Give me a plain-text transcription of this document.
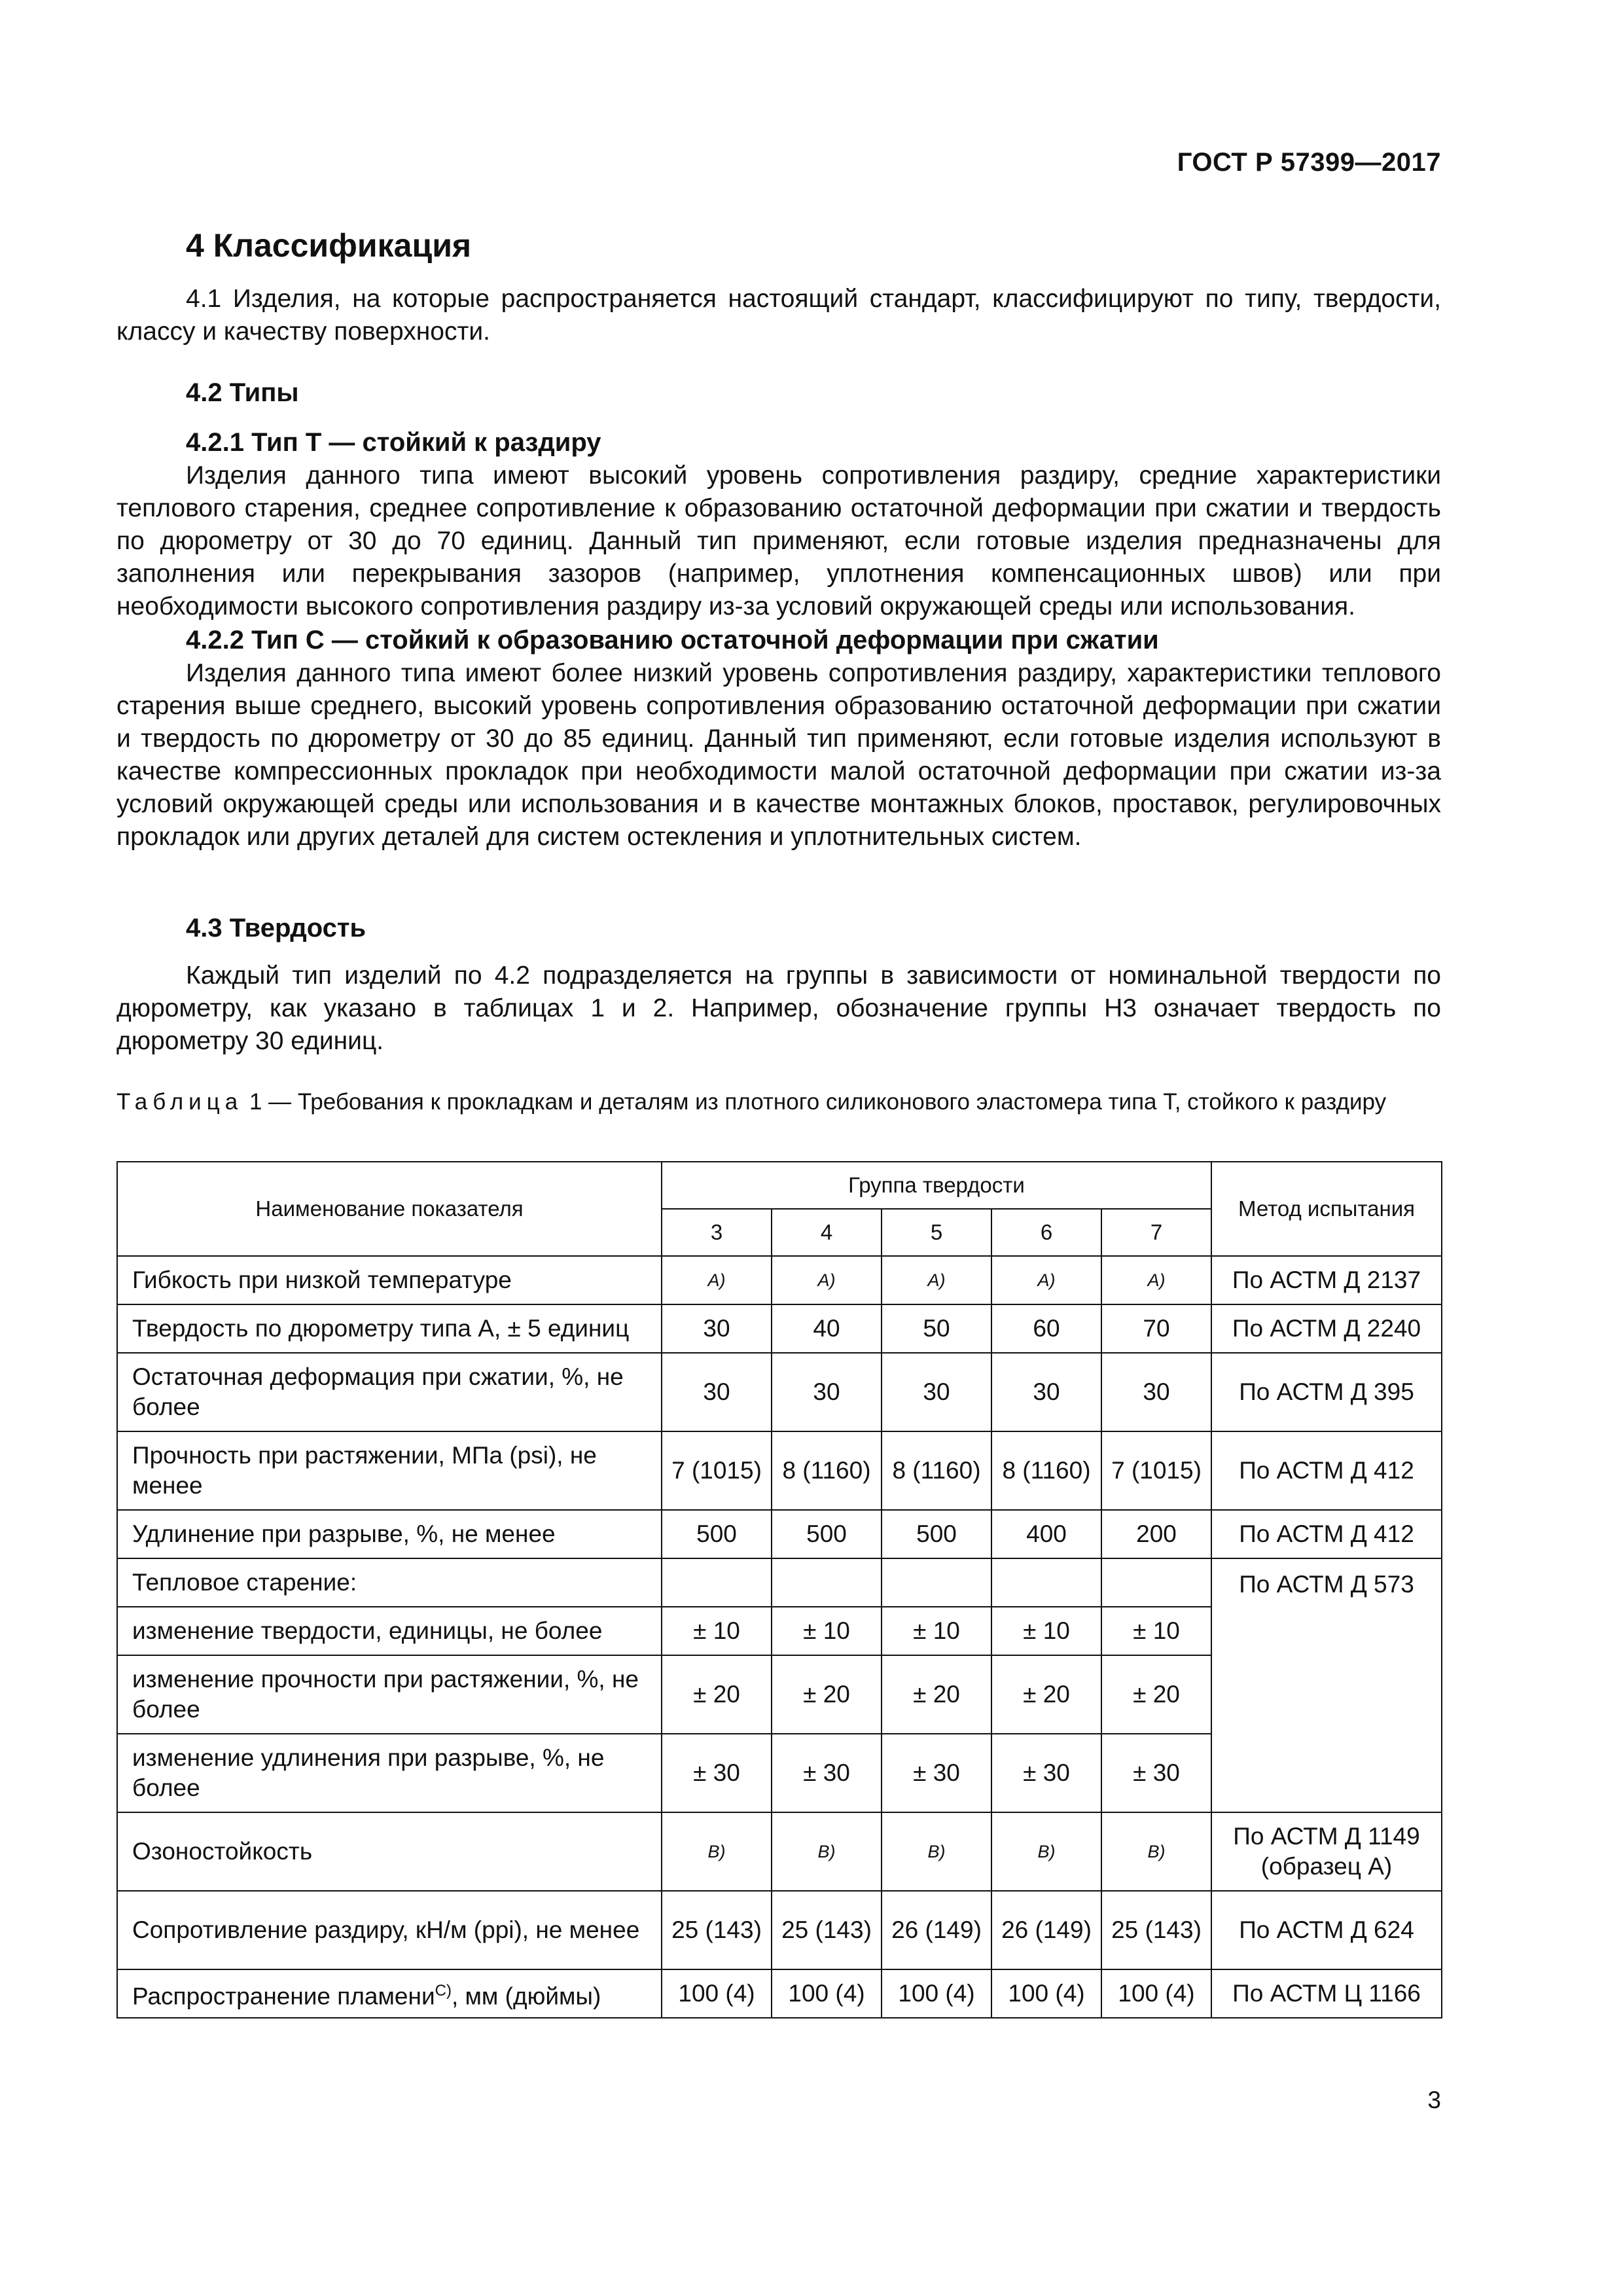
ГОСТ Р 57399—2017
4 Классификация

4.1 Изделия, на которые распространяется настоящий стандарт, классифицируют по типу, твердости, классу и качеству поверхности.

4.2 Типы
4.2.1 Тип Т — стойкий к раздиру

Изделия данного типа имеют высокий уровень сопротивления раздиру, средние характеристики теплового старения, среднее сопротивление к образованию остаточной деформации при сжатии и твердость по дюрометру от 30 до 70 единиц. Данный тип применяют, если готовые изделия предназначены для заполнения или перекрывания зазоров (например, уплотнения компенсационных швов) или при необходимости высокого сопротивления раздиру из-за условий окружающей среды или использования.

4.2.2 Тип С — стойкий к образованию остаточной деформации при сжатии

Изделия данного типа имеют более низкий уровень сопротивления раздиру, характеристики теплового старения выше среднего, высокий уровень сопротивления образованию остаточной деформации при сжатии и твердость по дюрометру от 30 до 85 единиц. Данный тип применяют, если готовые изделия используют в качестве компрессионных прокладок при необходимости малой остаточной деформации при сжатии из-за условий окружающей среды или использования и в качестве монтажных блоков, проставок, регулировочных прокладок или других деталей для систем остекления и уплотнительных систем.

4.3 Твердость

Каждый тип изделий по 4.2 подразделяется на группы в зависимости от номинальной твердости по дюрометру, как указано в таблицах 1 и 2. Например, обозначение группы Н3 означает твердость по дюрометру 30 единиц.

Таблица 1 — Требования к прокладкам и деталям из плотного силиконового эластомера типа Т, стойкого к раздиру

Наименование показателя	Группа твердости					Метод испытания
	3	4	5	6	7	
Гибкость при низкой температуре	А)	А)	А)	А)	А)	По АСТМ Д 2137
Твердость по дюрометру типа А, ± 5 единиц	30	40	50	60	70	По АСТМ Д 2240
Остаточная деформация при сжатии, %, не более	30	30	30	30	30	По АСТМ Д 395
Прочность при растяжении, МПа (psi), не менее	7 (1015)	8 (1160)	8 (1160)	8 (1160)	7 (1015)	По АСТМ Д 412
Удлинение при разрыве, %, не менее	500	500	500	400	200	По АСТМ Д 412
Тепловое старение:						По АСТМ Д 573
изменение твердости, единицы, не более	± 10	± 10	± 10	± 10	± 10	
изменение прочности при растяжении, %, не более	± 20	± 20	± 20	± 20	± 20	
изменение удлинения при разрыве, %, не более	± 30	± 30	± 30	± 30	± 30	
Озоностойкость	В)	В)	В)	В)	В)	По АСТМ Д 1149 (образец А)
Сопротивление раздиру, кН/м (ppi), не менее	25 (143)	25 (143)	26 (149)	26 (149)	25 (143)	По АСТМ Д 624
Распространение пламени$^{С)}$, мм (дюймы)	100 (4)	100 (4)	100 (4)	100 (4)	100 (4)	По АСТМ Ц 1166
3
